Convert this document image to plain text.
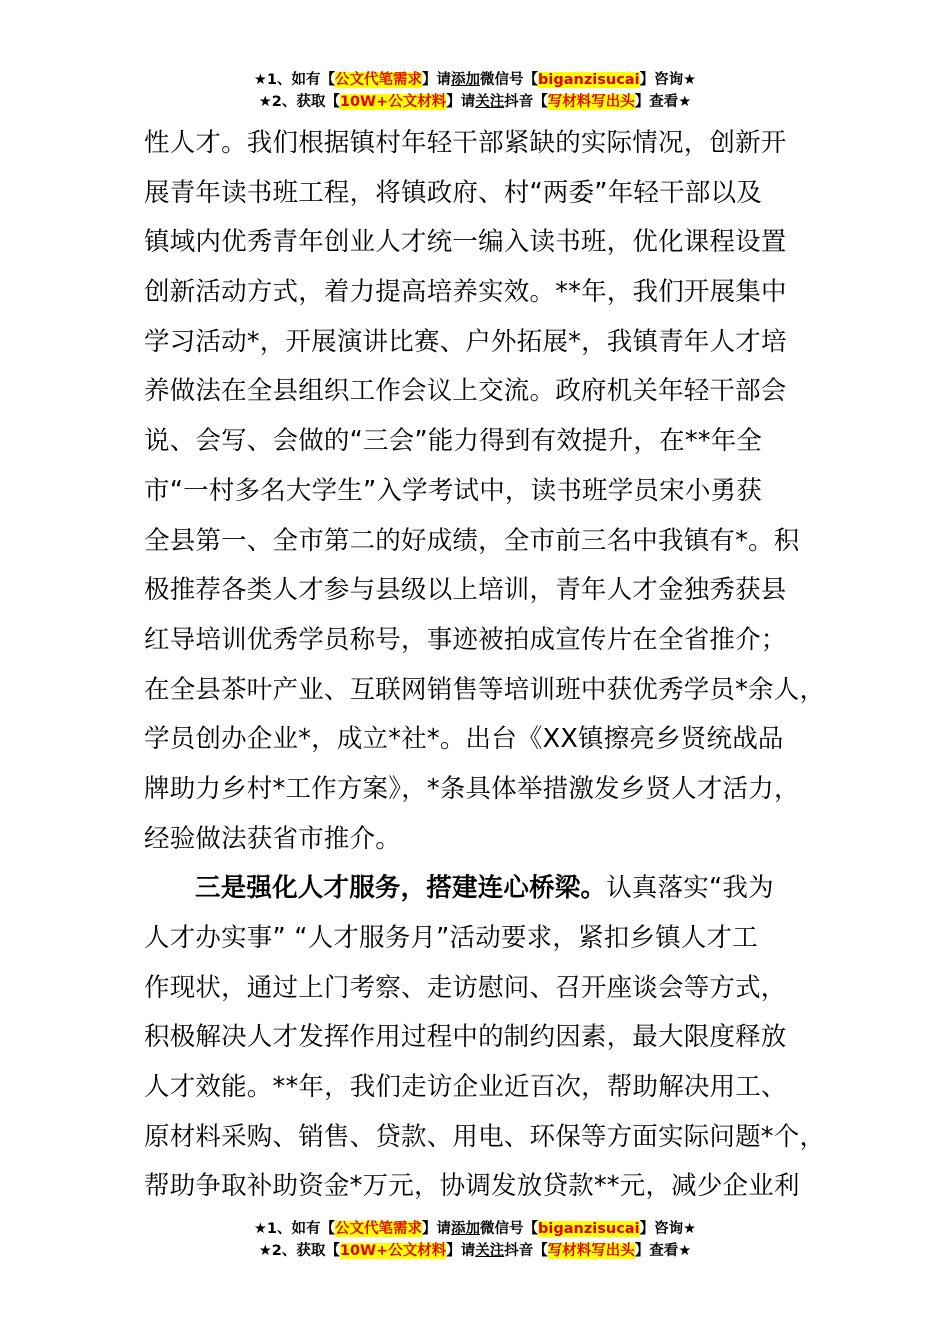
★1、如有【公文代笔需求】请添加微信号【biganzisucai】咨询★
★2、获取【10W+公文材料】请关注抖音【写材料写出头】查看★
性人才。我们根据镇村年轻干部紧缺的实际情况，创新开
展青年读书班工程，将镇政府、村“两委”年轻干部以及
镇域内优秀青年创业人才统一编入读书班，优化课程设置
创新活动方式，着力提高培养实效。**年，我们开展集中
学习活动*，开展演讲比赛、户外拓展*，我镇青年人才培
养做法在全县组织工作会议上交流。政府机关年轻干部会
说、会写、会做的“三会”能力得到有效提升，在**年全
市“一村多名大学生”入学考试中，读书班学员宋小勇获
全县第一、全市第二的好成绩，全市前三名中我镇有*。积
极推荐各类人才参与县级以上培训，青年人才金独秀获县
红导培训优秀学员称号，事迹被拍成宣传片在全省推介；
在全县茶叶产业、互联网销售等培训班中获优秀学员*余人，
学员创办企业*，成立*社*。出台《XX镇擦亮乡贤统战品
牌助力乡村*工作方案》，*条具体举措激发乡贤人才活力，
经验做法获省市推介。
三是强化人才服务，搭建连心桥梁。认真落实“我为
人才办实事” “人才服务月”活动要求，紧扣乡镇人才工
作现状，通过上门考察、走访慰问、召开座谈会等方式，
积极解决人才发挥作用过程中的制约因素，最大限度释放
人才效能。**年，我们走访企业近百次，帮助解决用工、
原材料采购、销售、贷款、用电、环保等方面实际问题*个，
帮助争取补助资金*万元，协调发放贷款**元，减少企业利
★1、如有【公文代笔需求】请添加微信号【biganzisucai】咨询★
★2、获取【10W+公文材料】请关注抖音【写材料写出头】查看★
